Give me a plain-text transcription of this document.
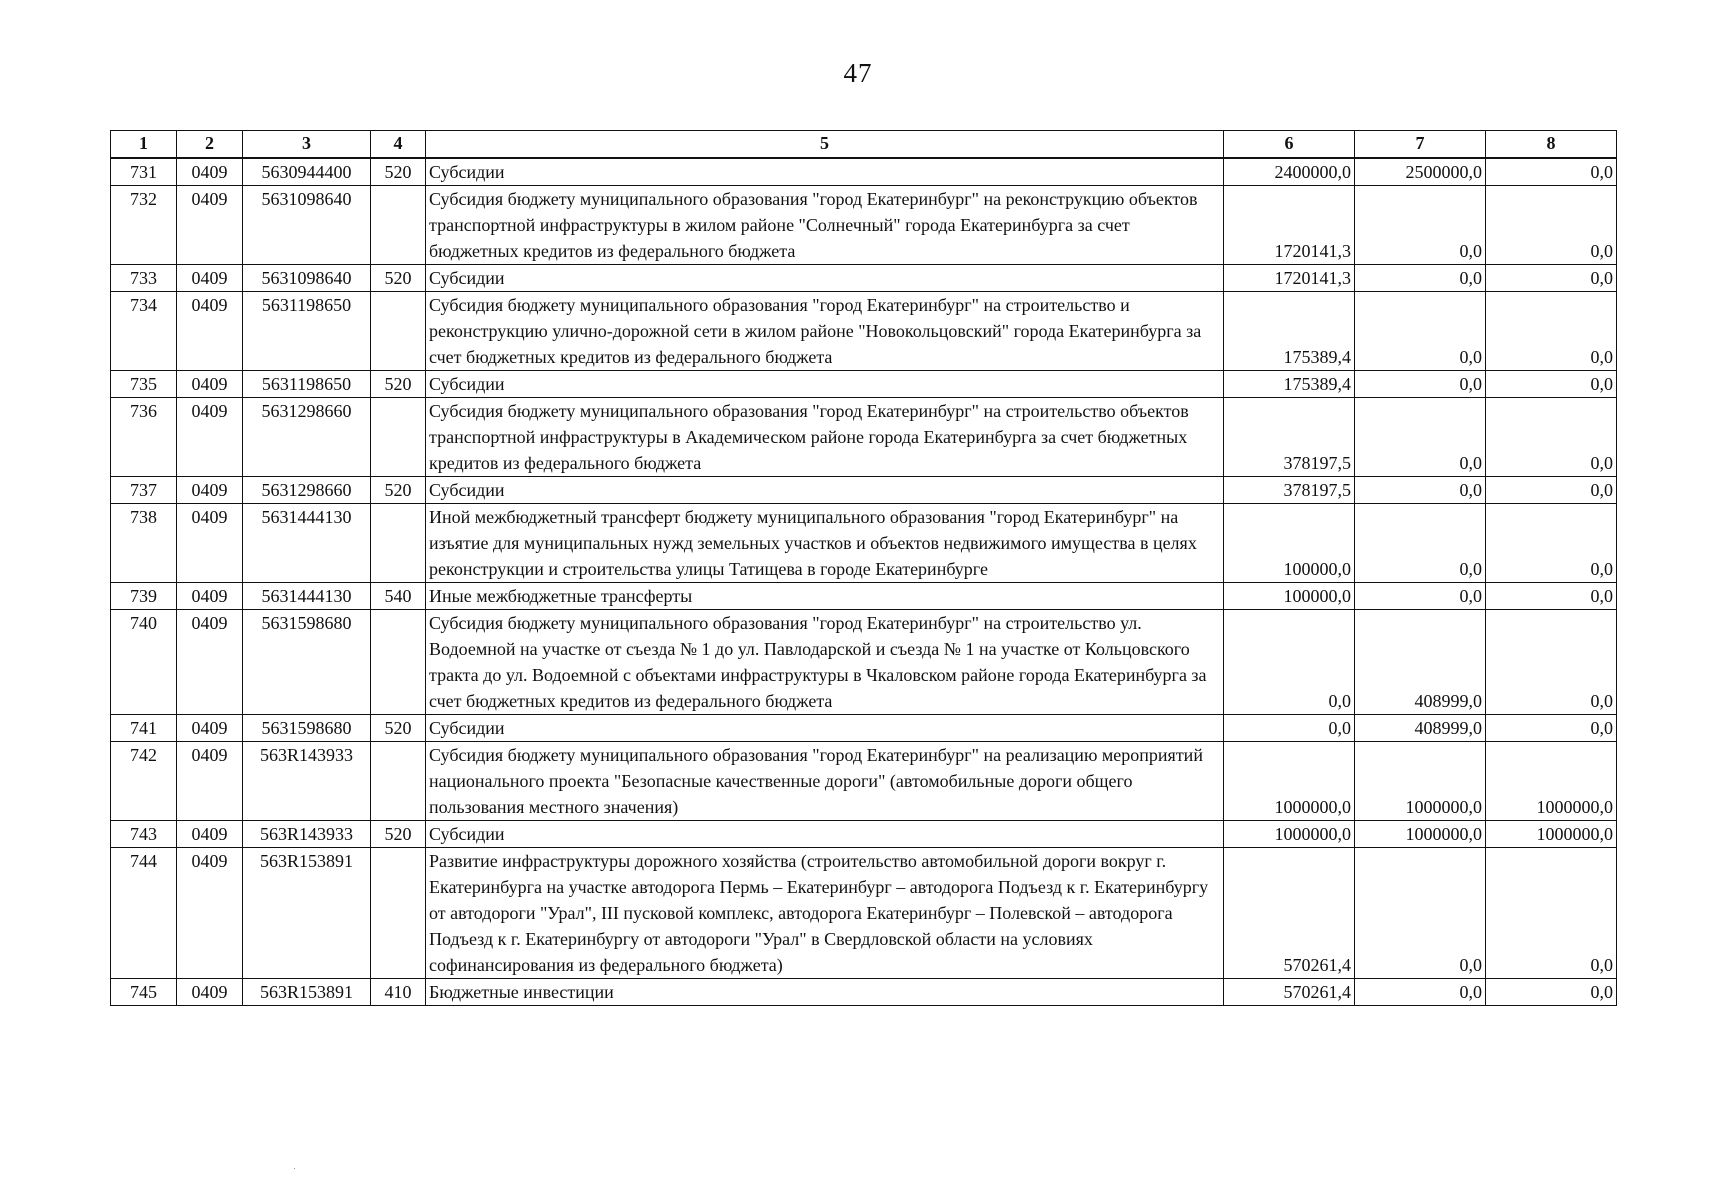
47
1	2	3	4	5	6	7	8
731	0409	5630944400	520	Субсидии	2400000,0	2500000,0	0,0
732	0409	5631098640		Субсидия бюджету муниципального образования "город Екатеринбург" на реконструкцию объектов транспортной инфраструктуры в жилом районе "Солнечный" города Екатеринбурга за счет бюджетных кредитов из федерального бюджета	1720141,3	0,0	0,0
733	0409	5631098640	520	Субсидии	1720141,3	0,0	0,0
734	0409	5631198650		Субсидия бюджету муниципального образования "город Екатеринбург" на строительство и реконструкцию улично-дорожной сети в жилом районе "Новокольцовский" города Екатеринбурга за счет бюджетных кредитов из федерального бюджета	175389,4	0,0	0,0
735	0409	5631198650	520	Субсидии	175389,4	0,0	0,0
736	0409	5631298660		Субсидия бюджету муниципального образования "город Екатеринбург" на строительство объектов транспортной инфраструктуры в Академическом районе города Екатеринбурга за счет бюджетных кредитов из федерального бюджета	378197,5	0,0	0,0
737	0409	5631298660	520	Субсидии	378197,5	0,0	0,0
738	0409	5631444130		Иной межбюджетный трансферт бюджету муниципального образования "город Екатеринбург" на изъятие для муниципальных нужд земельных участков и объектов недвижимого имущества в целях реконструкции и строительства улицы Татищева в городе Екатеринбурге	100000,0	0,0	0,0
739	0409	5631444130	540	Иные межбюджетные трансферты	100000,0	0,0	0,0
740	0409	5631598680		Субсидия бюджету муниципального образования "город Екатеринбург" на строительство ул. Водоемной на участке от съезда № 1 до ул. Павлодарской и съезда № 1 на участке от Кольцовского тракта до ул. Водоемной с объектами инфраструктуры в Чкаловском районе города Екатеринбурга за счет бюджетных кредитов из федерального бюджета	0,0	408999,0	0,0
741	0409	5631598680	520	Субсидии	0,0	408999,0	0,0
742	0409	563R143933		Субсидия бюджету муниципального образования "город Екатеринбург" на реализацию мероприятий национального проекта "Безопасные качественные дороги" (автомобильные дороги общего пользования местного значения)	1000000,0	1000000,0	1000000,0
743	0409	563R143933	520	Субсидии	1000000,0	1000000,0	1000000,0
744	0409	563R153891		Развитие инфраструктуры дорожного хозяйства (строительство автомобильной дороги вокруг г. Екатеринбурга на участке автодорога Пермь – Екатеринбург – автодорога Подъезд к г. Екатеринбургу от автодороги "Урал", III пусковой комплекс, автодорога Екатеринбург – Полевской – автодорога Подъезд к г. Екатеринбургу от автодороги "Урал" в Свердловской области на условиях софинансирования из федерального бюджета)	570261,4	0,0	0,0
745	0409	563R153891	410	Бюджетные инвестиции	570261,4	0,0	0,0
